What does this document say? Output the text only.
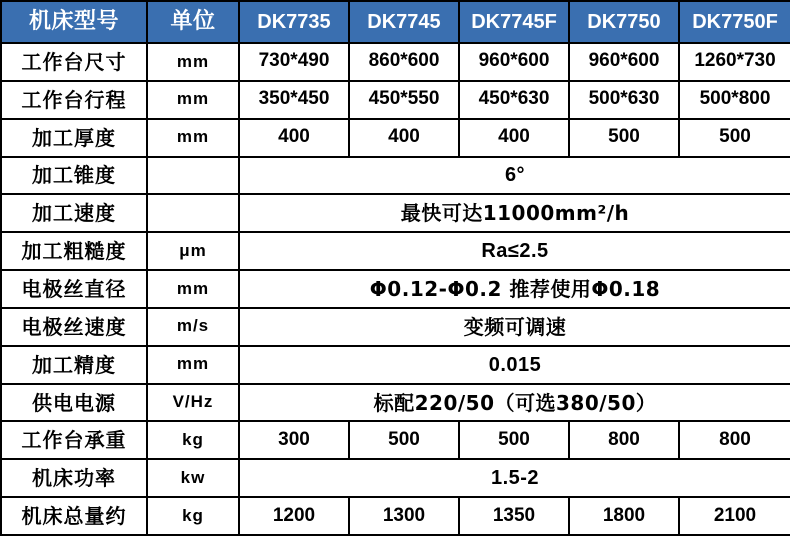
机床型号	单位	DK7735	DK7745	DK7745F	DK7750	DK7750F
工作台尺寸	mm	730*490	860*600	960*600	960*600	1260*730
工作台行程	mm	350*450	450*550	450*630	500*630	500*800
加工厚度	mm	400	400	400	500	500
加工锥度		6°				
加工速度		最快可达11000mm²/h				
加工粗糙度	μm	Ra≤2.5				
电极丝直径	mm	Φ0.12-Φ0.2 推荐使用Φ0.18				
电极丝速度	m/s	变频可调速				
加工精度	mm	0.015				
供电电源	V/Hz	标配220/50（可选380/50）				
工作台承重	kg	300	500	500	800	800
机床功率	kw	1.5-2				
机床总量约	kg	1200	1300	1350	1800	2100
